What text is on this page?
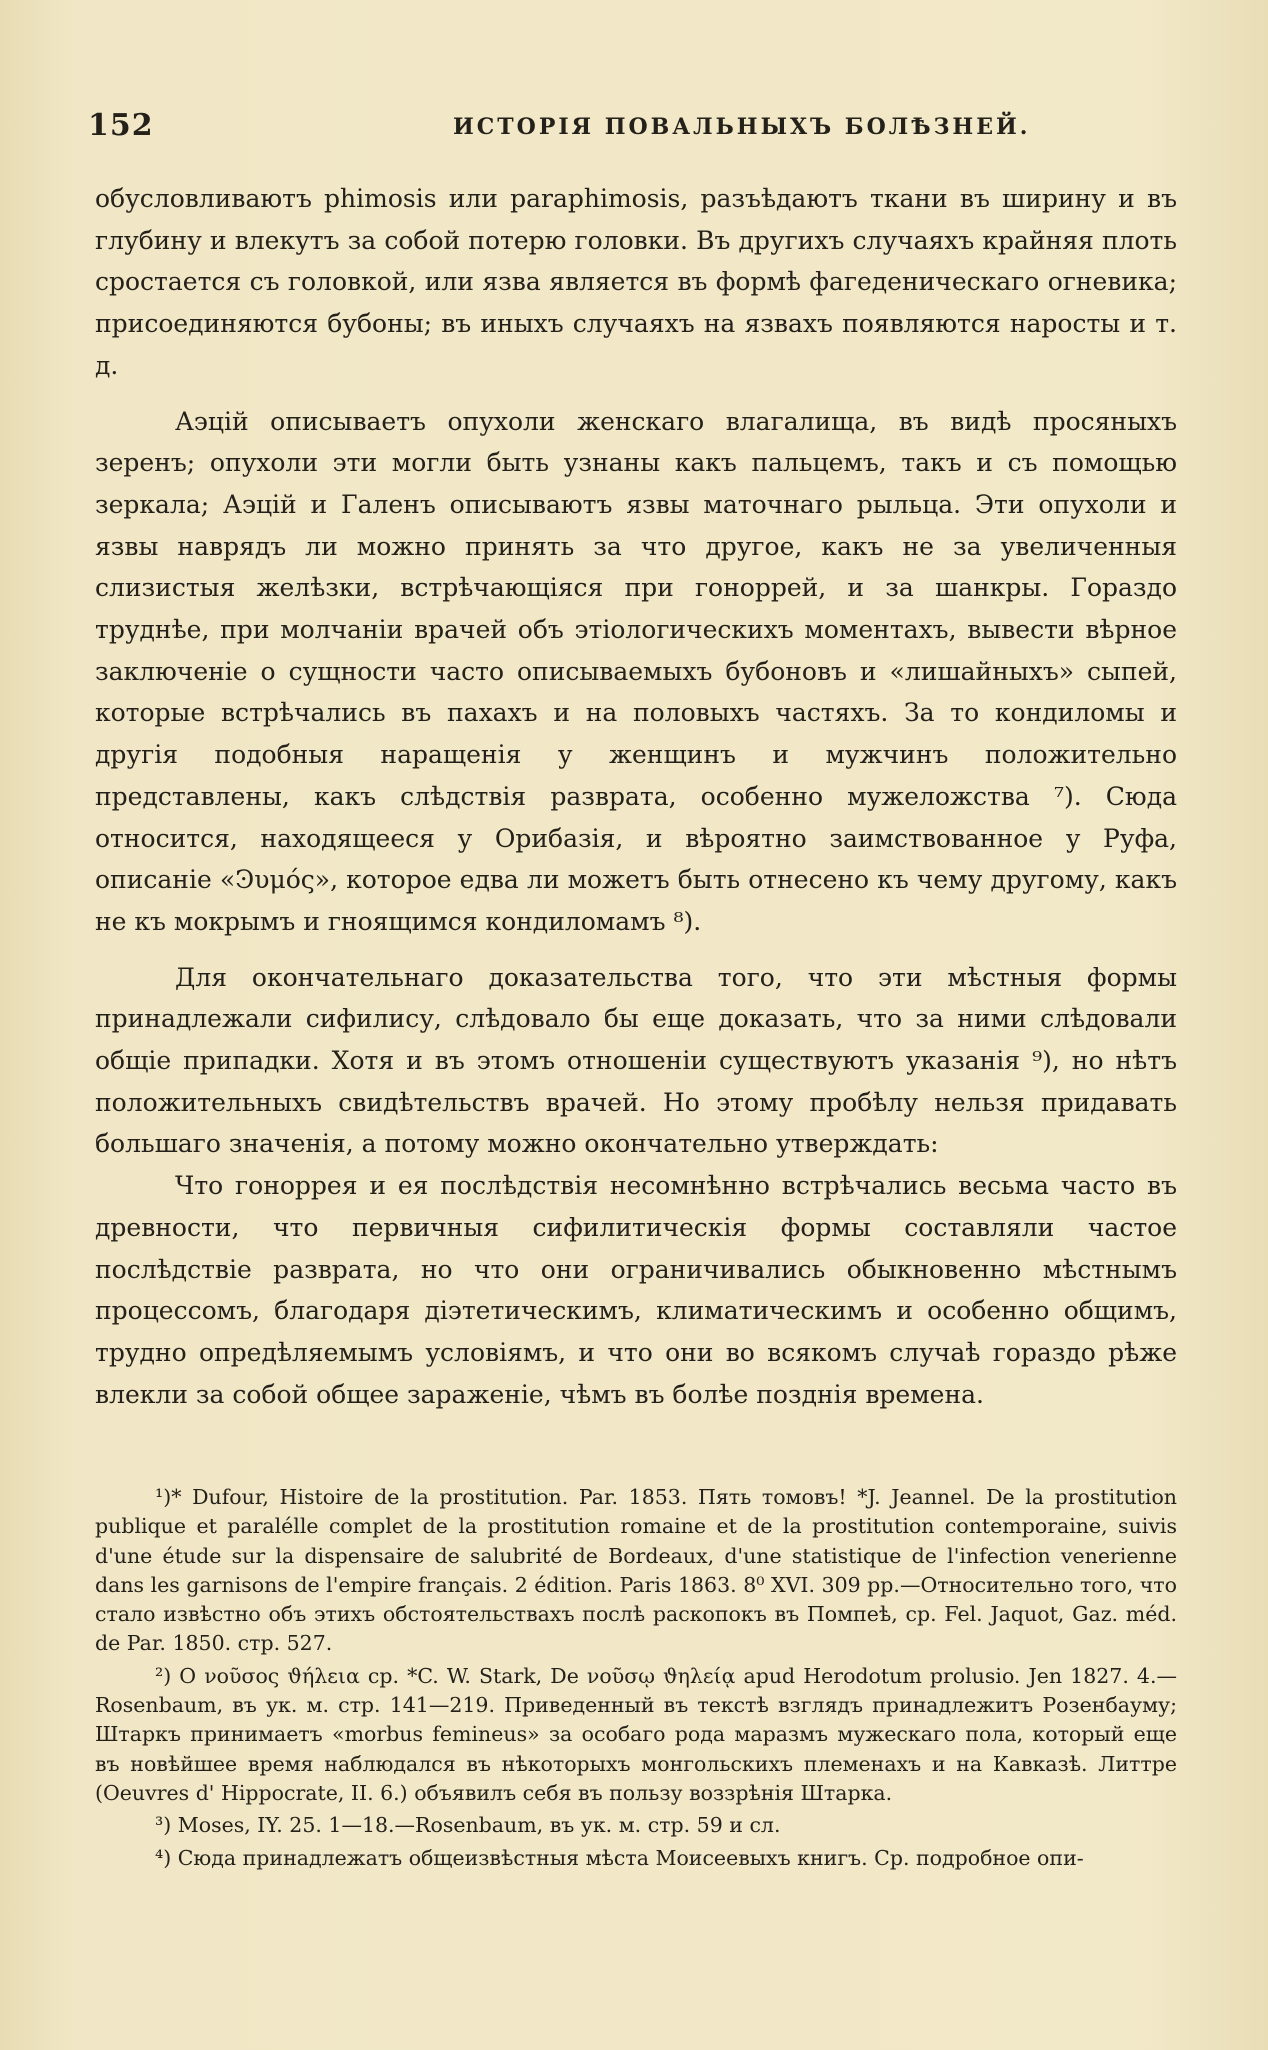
152	ИСТОРІЯ ПОВАЛЬНЫХЪ БОЛѢЗНЕЙ.

обусловливаютъ phimosis или paraphimosis, разъѣдаютъ ткани въ ширину и въ глубину и влекутъ за собой потерю головки. Въ другихъ случаяхъ крайняя плоть сростается съ головкой, или язва является въ формѣ фагеденическаго огневика; присоединяются бубоны; въ иныхъ случаяхъ на язвахъ появляются наросты и т. д.

Аэцій описываетъ опухоли женскаго влагалища, въ видѣ просяныхъ зеренъ; опухоли эти могли быть узнаны какъ пальцемъ, такъ и съ помощью зеркала; Аэцій и Галенъ описываютъ язвы маточнаго рыльца. Эти опухоли и язвы наврядъ ли можно принять за что другое, какъ не за увеличенныя слизистыя желѣзки, встрѣчающіяся при гоноррей, и за шанкры. Гораздо труднѣе, при молчаніи врачей объ этіологическихъ моментахъ, вывести вѣрное заключеніе о сущности часто описываемыхъ бубоновъ и «лишайныхъ» сыпей, которые встрѣчались въ пахахъ и на половыхъ частяхъ. За то кондиломы и другія подобныя наращенія у женщинъ и мужчинъ положительно представлены, какъ слѣдствія разврата, особенно мужеложства ⁷). Сюда относится, находящееся у Орибазія, и вѣроятно заимствованное у Руфа, описаніе «Ͽυμός», которое едва ли можетъ быть отнесено къ чему другому, какъ не къ мокрымъ и гноящимся кондиломамъ ⁸).

Для окончательнаго доказательства того, что эти мѣстныя формы принадлежали сифилису, слѣдовало бы еще доказать, что за ними слѣдовали общіе припадки. Хотя и въ этомъ отношеніи существуютъ указанія ⁹), но нѣтъ положительныхъ свидѣтельствъ врачей. Но этому пробѣлу нельзя придавать большаго значенія, а потому можно окончательно утверждать:

Что гоноррея и ея послѣдствія несомнѣнно встрѣчались весьма часто въ древности, что первичныя сифилитическія формы составляли частое послѣдствіе разврата, но что они ограничивались обыкновенно мѣстнымъ процессомъ, благодаря діэтетическимъ, климатическимъ и особенно общимъ, трудно опредѣляемымъ условіямъ, и что они во всякомъ случаѣ гораздо рѣже влекли за собой общее зараженіе, чѣмъ въ болѣе позднія времена.

¹)* Dufour, Histoire de la prostitution. Par. 1853. Пять томовъ! *J. Jeannel. De la prostitution publique et paralélle complet de la prostitution romaine et de la prostitution contemporaine, suivis d'une étude sur la dispensaire de salubrité de Bordeaux, d'une statistique de l'infection venerienne dans les garnisons de l'empire français. 2 édition. Paris 1863. 8⁰ XVI. 309 pp.—Относительно того, что стало извѣстно объ этихъ обстоятельствахъ послѣ раскопокъ въ Помпеѣ, ср. Fel. Jaquot, Gaz. méd. de Par. 1850. стр. 527.

²) О νοῦσος ϑήλεια ср. *C. W. Stark, De νοῦσῳ ϑηλείᾳ apud Herodotum prolusio. Jen 1827. 4.—Rosenbaum, въ ук. м. стр. 141—219. Приведенный въ текстѣ взглядъ принадлежитъ Розенбауму; Штаркъ принимаетъ «morbus femineus» за особаго рода маразмъ мужескаго пола, который еще въ новѣйшее время наблюдался въ нѣкоторыхъ монгольскихъ племенахъ и на Кавказѣ. Литтре (Oeuvres d' Hippocrate, II. 6.) объявилъ себя въ пользу воззрѣнія Штарка.

³) Moses, IY. 25. 1—18.—Rosenbaum, въ ук. м. стр. 59 и сл.

⁴) Сюда принадлежатъ общеизвѣстныя мѣста Моисеевыхъ книгъ. Ср. подробное опи-
